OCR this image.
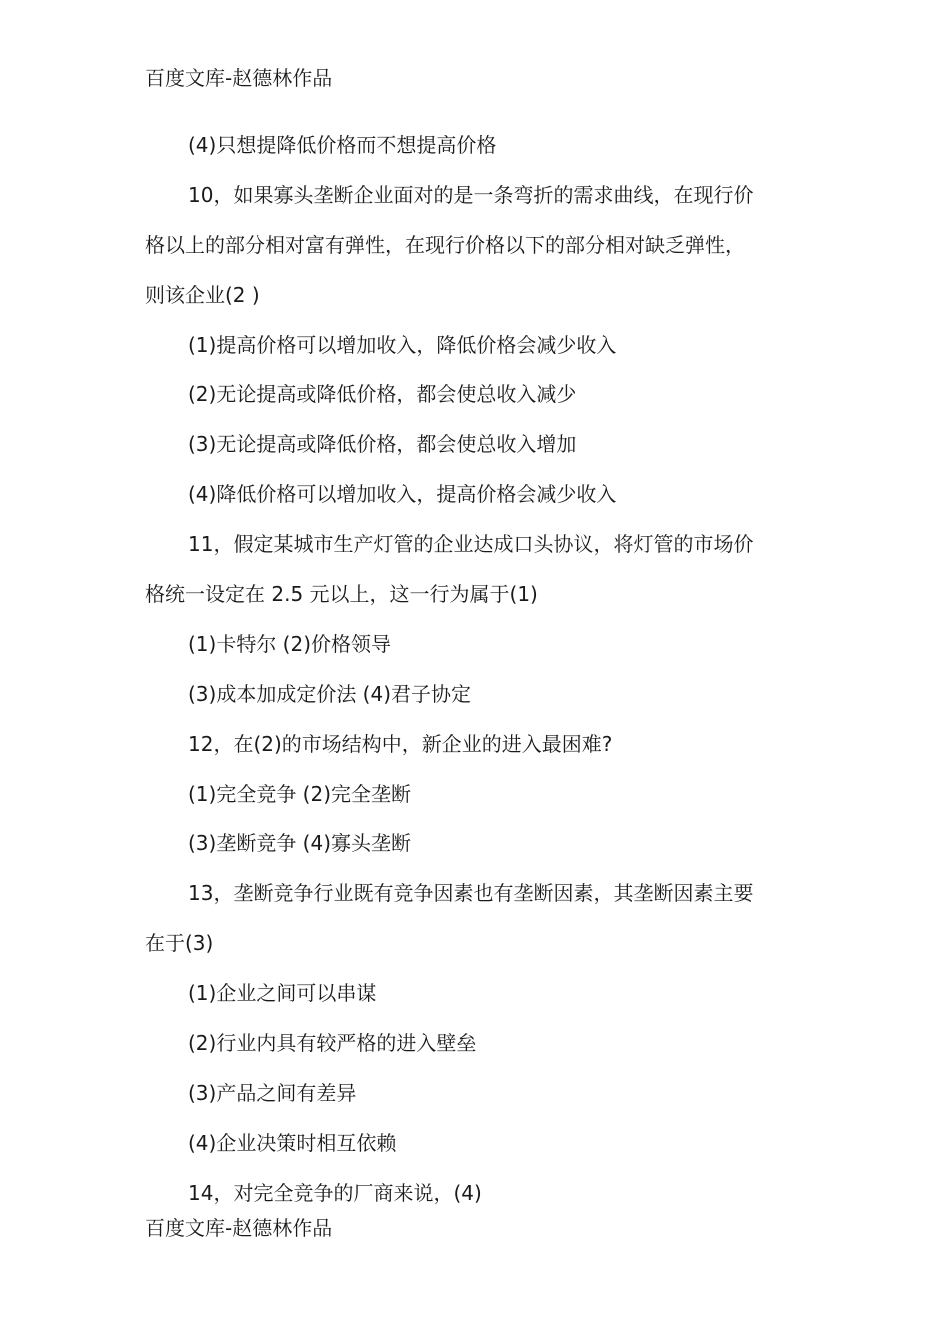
百度文库-赵德林作品
(4)只想提降低价格而不想提高价格
10，如果寡头垄断企业面对的是一条弯折的需求曲线，在现行价
格以上的部分相对富有弹性，在现行价格以下的部分相对缺乏弹性，
则该企业(2 )
(1)提高价格可以增加收入，降低价格会减少收入
(2)无论提高或降低价格，都会使总收入减少
(3)无论提高或降低价格，都会使总收入增加
(4)降低价格可以增加收入，提高价格会减少收入
11，假定某城市生产灯管的企业达成口头协议，将灯管的市场价
格统一设定在 2.5 元以上，这一行为属于(1)
(1)卡特尔 (2)价格领导
(3)成本加成定价法 (4)君子协定
12，在(2)的市场结构中，新企业的进入最困难?
(1)完全竞争 (2)完全垄断
(3)垄断竞争 (4)寡头垄断
13，垄断竞争行业既有竞争因素也有垄断因素，其垄断因素主要
在于(3)
(1)企业之间可以串谋
(2)行业内具有较严格的进入壁垒
(3)产品之间有差异
(4)企业决策时相互依赖
14，对完全竞争的厂商来说，(4)
百度文库-赵德林作品
